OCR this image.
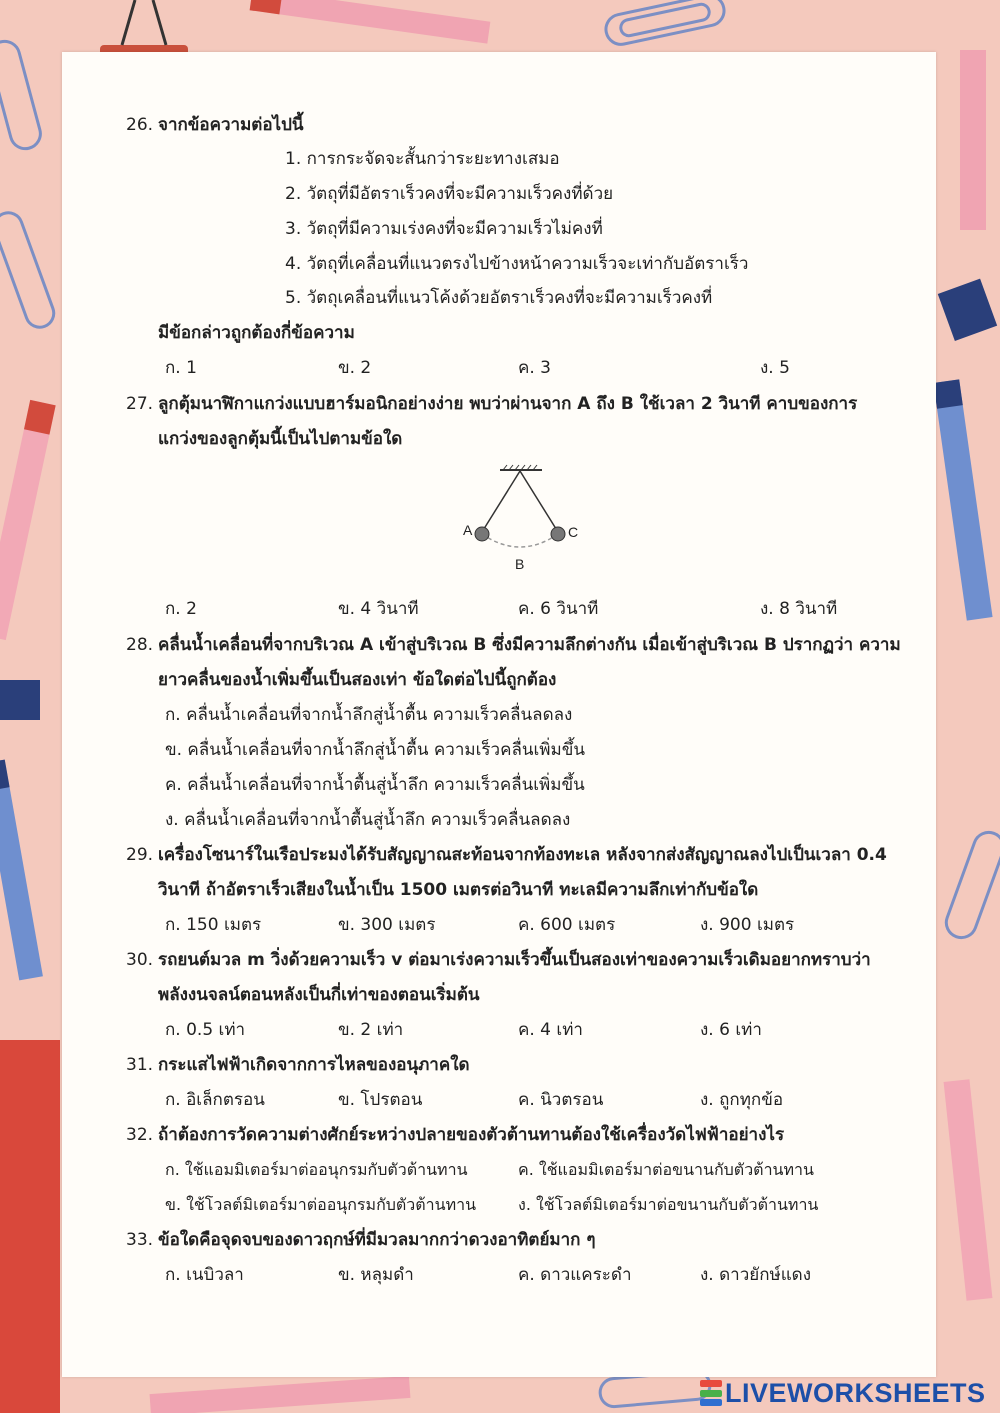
26. จากข้อความต่อไปนี้
1. การกระจัดจะสั้นกว่าระยะทางเสมอ
2. วัตถุที่มีอัตราเร็วคงที่จะมีความเร็วคงที่ด้วย
3. วัตถุที่มีความเร่งคงที่จะมีความเร็วไม่คงที่
4. วัตถุที่เคลื่อนที่แนวตรงไปข้างหน้าความเร็วจะเท่ากับอัตราเร็ว
5. วัตถุเคลื่อนที่แนวโค้งด้วยอัตราเร็วคงที่จะมีความเร็วคงที่
มีข้อกล่าวถูกต้องกี่ข้อความ
ก. 1	ข. 2	ค. 3	ง. 5
27. ลูกตุ้มนาฬิกาแกว่งแบบฮาร์มอนิกอย่างง่าย พบว่าผ่านจาก A ถึง B ใช้เวลา 2 วินาที คาบของการ
แกว่งของลูกตุ้มนี้เป็นไปตามข้อใด
A	C
B
ก. 2	ข. 4 วินาที	ค. 6 วินาที	ง. 8 วินาที
28. คลื่นน้ำเคลื่อนที่จากบริเวณ A เข้าสู่บริเวณ B ซึ่งมีความลึกต่างกัน เมื่อเข้าสู่บริเวณ B ปรากฏว่า ความ
ยาวคลื่นของน้ำเพิ่มขึ้นเป็นสองเท่า ข้อใดต่อไปนี้ถูกต้อง
ก. คลื่นน้ำเคลื่อนที่จากน้ำลึกสู่น้ำตื้น ความเร็วคลื่นลดลง
ข. คลื่นน้ำเคลื่อนที่จากน้ำลึกสู่น้ำตื้น ความเร็วคลื่นเพิ่มขึ้น
ค. คลื่นน้ำเคลื่อนที่จากน้ำตื้นสู่น้ำลึก ความเร็วคลื่นเพิ่มขึ้น
ง. คลื่นน้ำเคลื่อนที่จากน้ำตื้นสู่น้ำลึก ความเร็วคลื่นลดลง
29. เครื่องโซนาร์ในเรือประมงได้รับสัญญาณสะท้อนจากท้องทะเล หลังจากส่งสัญญาณลงไปเป็นเวลา 0.4
วินาที ถ้าอัตราเร็วเสียงในน้ำเป็น 1500 เมตรต่อวินาที ทะเลมีความลึกเท่ากับข้อใด
ก. 150 เมตร	ข. 300 เมตร	ค. 600 เมตร	ง. 900 เมตร
30. รถยนต์มวล m วิ่งด้วยความเร็ว v ต่อมาเร่งความเร็วขึ้นเป็นสองเท่าของความเร็วเดิมอยากทราบว่า
พลังงนจลน์ตอนหลังเป็นกี่เท่าของตอนเริ่มต้น
ก. 0.5 เท่า	ข. 2 เท่า	ค. 4 เท่า	ง. 6 เท่า
31. กระแสไฟฟ้าเกิดจากการไหลของอนุภาคใด
ก. อิเล็กตรอน	ข. โปรตอน	ค. นิวตรอน	ง. ถูกทุกข้อ
32. ถ้าต้องการวัดความต่างศักย์ระหว่างปลายของตัวต้านทานต้องใช้เครื่องวัดไฟฟ้าอย่างไร
ก. ใช้แอมมิเตอร์มาต่ออนุกรมกับตัวต้านทาน	ค. ใช้แอมมิเตอร์มาต่อขนานกับตัวต้านทาน
ข. ใช้โวลต์มิเตอร์มาต่ออนุกรมกับตัวต้านทาน	ง. ใช้โวลต์มิเตอร์มาต่อขนานกับตัวต้านทาน
33. ข้อใดคือจุดจบของดาวฤกษ์ที่มีมวลมากกว่าดวงอาทิตย์มาก ๆ
ก. เนบิวลา	ข. หลุมดำ	ค. ดาวแคระดำ	ง. ดาวยักษ์แดง
LIVEWORKSHEETS
